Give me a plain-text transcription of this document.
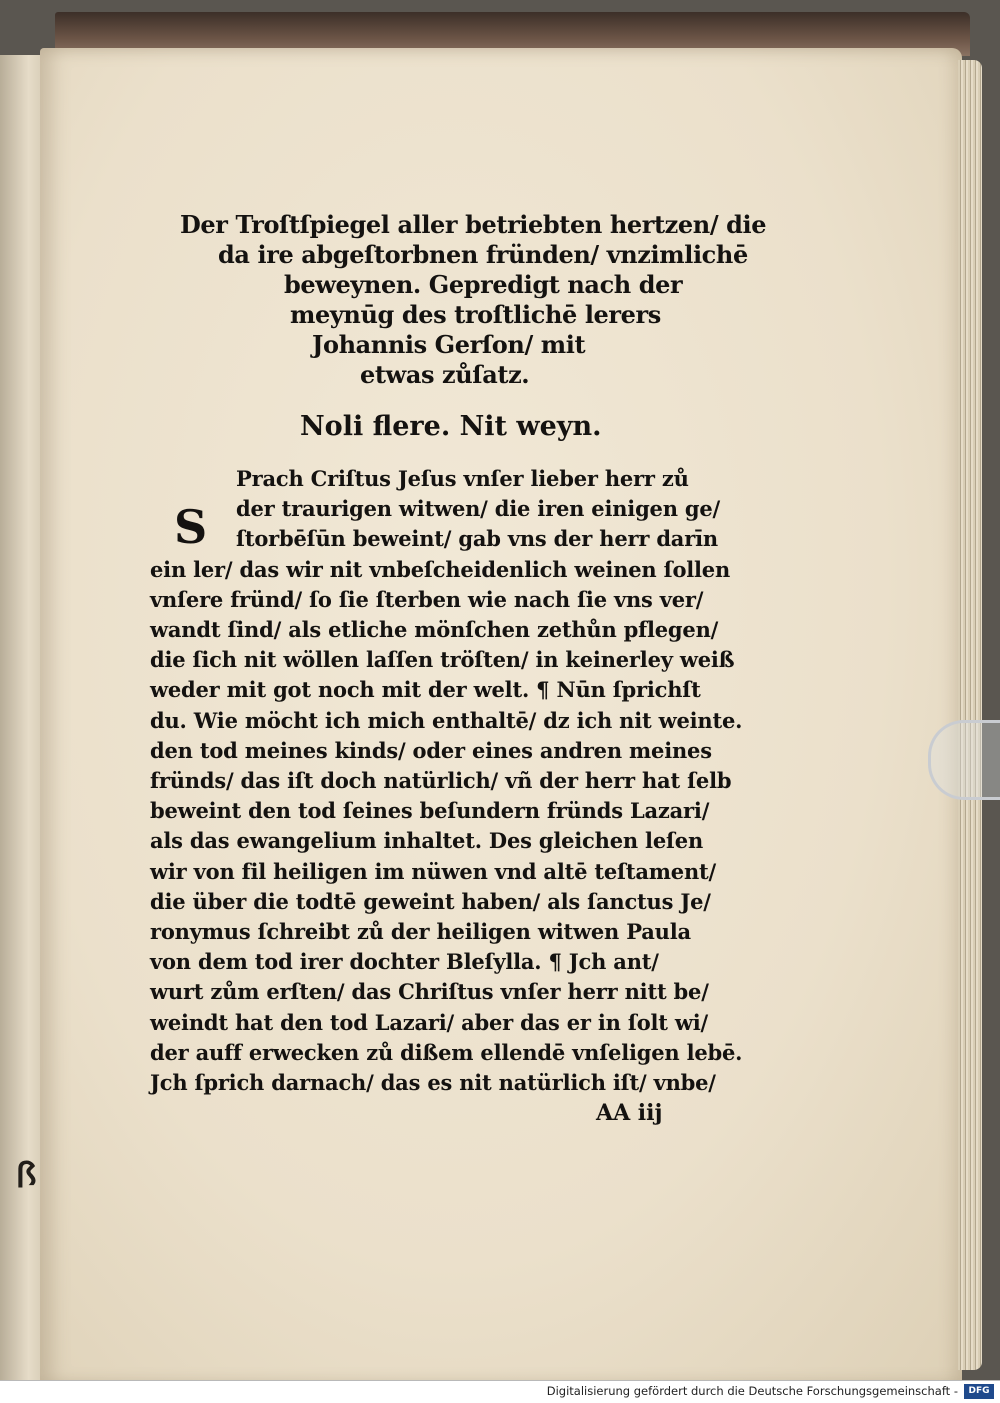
Der Troſtſpiegel aller betriebten hertzen/ die
da ire abgeſtorbnen fründen/ vnzimlichē
beweynen. Gepredigt nach der
meynūg des troſtlichē lerers
Johannis Gerſon/ mit
etwas zůſatz.
Noli flere. Nit weyn.
S
Prach Criſtus Jeſus vnſer lieber herr zů
der traurigen witwen/ die iren einigen ge/
ſtorbēſūn beweint/ gab vns der herr darīn
ein ler/ das wir nit vnbeſcheidenlich weinen ſollen
vnſere fründ/ ſo ſie ſterben wie nach ſie vns ver/
wandt ſind/ als etliche mönſchen zethůn pflegen/
die ſich nit wöllen laſſen tröſten/ in keinerley weiß
weder mit got noch mit der welt. ¶ Nūn ſprichſt
du. Wie möcht ich mich enthaltē/ dz ich nit weinte.
den tod meines kinds/ oder eines andren meines
fründs/ das iſt doch natürlich/ vñ der herr hat ſelb
beweint den tod ſeines beſundern fründs Lazari/
als das ewangelium inhaltet. Des gleichen leſen
wir von fil heiligen im nüwen vnd altē teſtament/
die über die todtē geweint haben/ als ſanctus Je/
ronymus ſchreibt zů der heiligen witwen Paula
von dem tod irer dochter Bleſylla. ¶ Jch ant/
wurt zům erſten/ das Chriſtus vnſer herr nitt be/
weindt hat den tod Lazari/ aber das er in ſolt wi/
der auff erwecken zů dißem ellendē vnſeligen lebē.
Jch ſprich darnach/ das es nit natürlich iſt/ vnbe/
AA iij
ꟗ
Digitalisierung gefördert durch die Deutsche Forschungsgemeinschaft -	DFG
